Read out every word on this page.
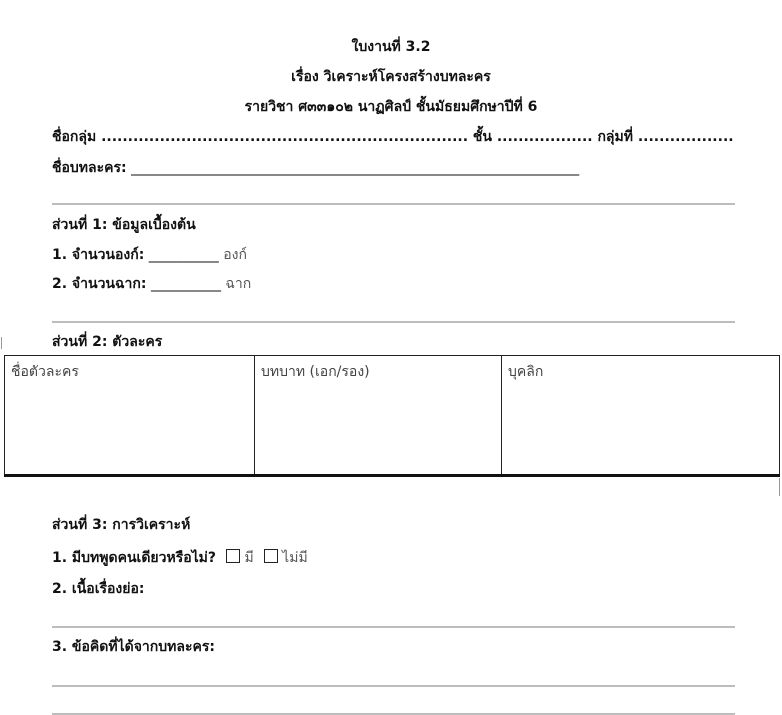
ใบงานที่ 3.2
เรื่อง วิเคราะห์โครงสร้างบทละคร
รายวิชา ศ๓๓๑๐๒ นาฏศิลป์ ชั้นมัธยมศึกษาปีที่ 6
ชื่อกลุ่ม ..................................................................... ชั้น .................. กลุ่มที่ ..................
ชื่อบทละคร: ________________________________________________________________
ส่วนที่ 1: ข้อมูลเบื้องต้น
1. จำนวนองก์: __________ องก์
2. จำนวนฉาก: __________ ฉาก
ส่วนที่ 2: ตัวละคร
ชื่อตัวละคร	บทบาท (เอก/รอง)	บุคลิก
ส่วนที่ 3: การวิเคราะห์
1. มีบทพูดคนเดียวหรือไม่? มี ไม่มี
2. เนื้อเรื่องย่อ:
3. ข้อคิดที่ได้จากบทละคร:
